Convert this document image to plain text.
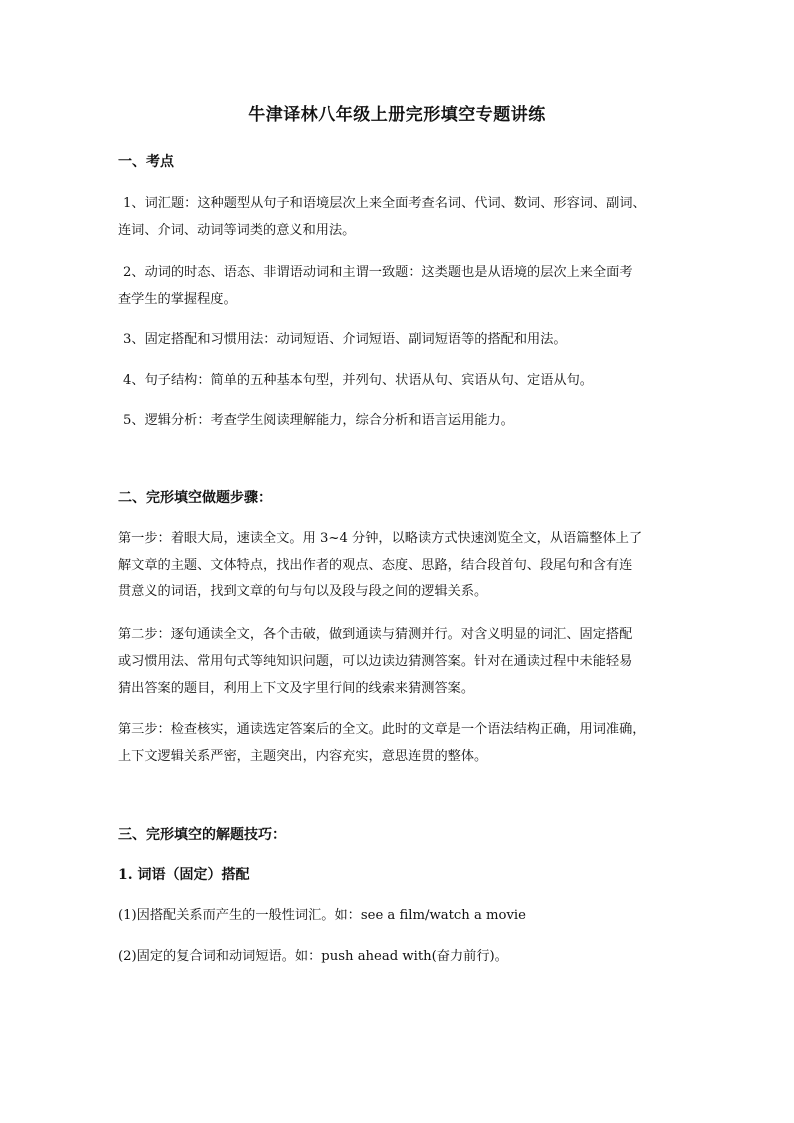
牛津译林八年级上册完形填空专题讲练
一、考点
1、词汇题：这种题型从句子和语境层次上来全面考查名词、代词、数词、形容词、副词、
连词、介词、动词等词类的意义和用法。
2、动词的时态、语态、非谓语动词和主谓一致题：这类题也是从语境的层次上来全面考
查学生的掌握程度。
3、固定搭配和习惯用法：动词短语、介词短语、副词短语等的搭配和用法。
4、句子结构：简单的五种基本句型，并列句、状语从句、宾语从句、定语从句。
5、逻辑分析：考查学生阅读理解能力，综合分析和语言运用能力。
二、完形填空做题步骤：
第一步：着眼大局，速读全文。用 3~4 分钟，以略读方式快速浏览全文，从语篇整体上了
解文章的主题、文体特点，找出作者的观点、态度、思路，结合段首句、段尾句和含有连
贯意义的词语，找到文章的句与句以及段与段之间的逻辑关系。
第二步：逐句通读全文，各个击破，做到通读与猜测并行。对含义明显的词汇、固定搭配
或习惯用法、常用句式等纯知识问题，可以边读边猜测答案。针对在通读过程中未能轻易
猜出答案的题目，利用上下文及字里行间的线索来猜测答案。
第三步：检查核实，通读选定答案后的全文。此时的文章是一个语法结构正确，用词准确，
上下文逻辑关系严密，主题突出，内容充实，意思连贯的整体。
三、完形填空的解题技巧：
1. 词语（固定）搭配
(1)因搭配关系而产生的一般性词汇。如：see a film/watch a movie
(2)固定的复合词和动词短语。如：push ahead with(奋力前行)。
